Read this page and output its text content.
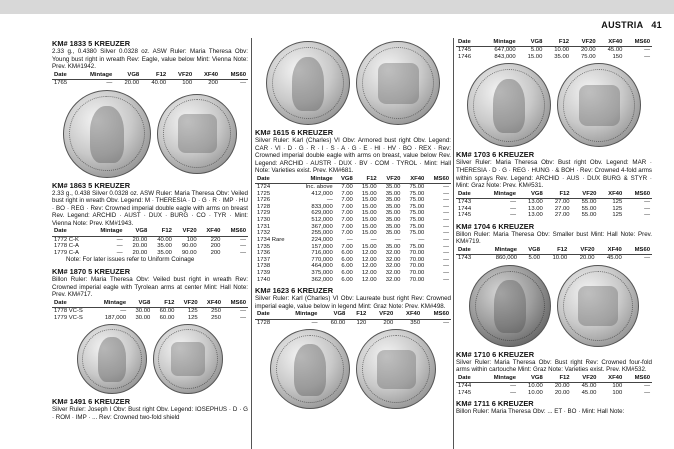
AUSTRIA 41
KM# 1833 5 KREUZER
2.33 g., 0.4380 Silver 0.0328 oz. ASW Ruler: Maria Theresa Obv: Young bust right in wreath Rev: Eagle, value below Mint: Vienna Note: Prev. KM#1942.
Date	Mintage	VG8	F12	VF20	XF40	MS60
1765	—	20.00	40.00	100	200	—
KM# 1863 5 KREUZER
2.33 g., 0.438 Silver 0.0328 oz. ASW Ruler: Maria Theresa Obv: Veiled bust right in wreath Obv. Legend: M · THERESIA · D · G · R · IMP · HU · BO · REG · Rev: Crowned imperial double eagle with arms on breast Rev. Legend: ARCHID · AUST · DUX · BURG · CO · TYR · Mint: Vienna Note: Prev. KM#1943.
Date	Mintage	VG8	F12	VF20	XF40	MS60
1772 C-K	—	20.00	40.00	100	220	—
1778 C-A	—	20.00	35.00	90.00	200	—
1779 C-A	—	20.00	35.00	90.00	200	—
Note: For later issues refer to Uniform Coinage
KM# 1870 5 KREUZER
Billon Ruler: Maria Theresa Obv: Veiled bust right in wreath Rev: Crowned imperial eagle with Tyrolean arms at center Mint: Hall Note: Prev. KM#717.
Date	Mintage	VG8	F12	VF20	XF40	MS60
1778 VC-S	—	30.00	60.00	125	250	—
1779 VC-S	187,000	30.00	60.00	125	250	—
KM# 1491 6 KREUZER
Silver Ruler: Joseph I Obv: Bust right Obv. Legend: IOSEPHUS · D · G · ROM · IMP · ... Rev: Crowned two-fold shield
KM# 1615 6 KREUZER
Silver Ruler: Karl (Charles) VI Obv: Armored bust right Obv. Legend: CAR · VI · D · G · R · I · S · A · G · E · HI · HV · BO · REX · Rev: Crowned imperial double eagle with arms on breast, value below Rev. Legend: ARCHID · AUSTR · DUX · BV · COM · TYROL · Mint: Hall Note: Varieties exist. Prev. KM#681.
Date	Mintage	VG8	F12	VF20	XF40	MS60
1724	Inc. above	7.00	15.00	35.00	75.00	—
1725	412,000	7.00	15.00	35.00	75.00	—
1726	—	7.00	15.00	35.00	75.00	—
1728	833,000	7.00	15.00	35.00	75.00	—
1729	629,000	7.00	15.00	35.00	75.00	—
1730	512,000	7.00	15.00	35.00	75.00	—
1731	367,000	7.00	15.00	35.00	75.00	—
1732	255,000	7.00	15.00	35.00	75.00	—
1734 Rare	224,000	—	—	—	—	—
1735	157,000	7.00	15.00	35.00	75.00	—
1736	716,000	6.00	12.00	32.00	70.00	—
1737	770,000	6.00	12.00	32.00	70.00	—
1738	464,000	6.00	12.00	32.00	70.00	—
1739	375,000	6.00	12.00	32.00	70.00	—
1740	362,000	6.00	12.00	32.00	70.00	—
KM# 1623 6 KREUZER
Silver Ruler: Karl (Charles) VI Obv: Laureate bust right Rev: Crowned imperial eagle, value below in legend Mint: Graz Note: Prev. KM#498.
Date	Mintage	VG8	F12	VF20	XF40	MS60
1728	—	60.00	120	200	350	—
Date	Mintage	VG8	F12	VF20	XF40	MS60
1745	647,000	5.00	10.00	20.00	45.00	—
1746	843,000	15.00	35.00	75.00	150	—
KM# 1703 6 KREUZER
Silver Ruler: Maria Theresa Obv: Bust right Obv. Legend: MAR · THERESIA · D · G · REG · HUNG · & BOH · Rev: Crowned 4-fold arms within sprays Rev. Legend: ARCHID · AUS · DUX BURG & STYR · Mint: Graz Note: Prev. KM#531.
Date	Mintage	VG8	F12	VF20	XF40	MS60
1743	—	13.00	27.00	55.00	125	—
1744	—	13.00	27.00	55.00	125	—
1745	—	13.00	27.00	55.00	125	—
KM# 1704 6 KREUZER
Billon Ruler: Maria Theresa Obv: Smaller bust Mint: Hall Note: Prev. KM#719.
Date	Mintage	VG8	F12	VF20	XF40	MS60
1743	860,000	5.00	10.00	20.00	45.00	—
KM# 1710 6 KREUZER
Silver Ruler: Maria Theresa Obv: Bust right Rev: Crowned four-fold arms within cartouche Mint: Graz Note: Varieties exist. Prev. KM#532.
Date	Mintage	VG8	F12	VF20	XF40	MS60
1744	—	10.00	20.00	45.00	100	—
1745	—	10.00	20.00	45.00	100	—
KM# 1711 6 KREUZER
Billon Ruler: Maria Theresa Obv: ... ET · BO · Mint: Hall Note:
